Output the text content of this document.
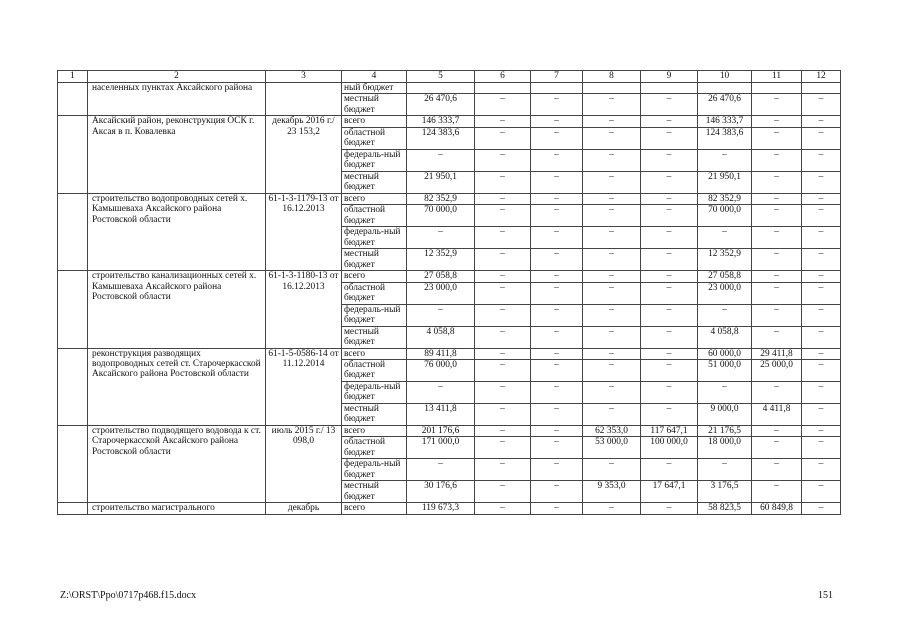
1	2	3	4	5	6	7	8	9	10	11	12
	населенных пунктах Аксайского района		ный бюджет								
			местный бюджет	26 470,6	–	–	–	–	26 470,6	–	–
	Аксайский район, реконструкция ОСК г. Аксая в п. Ковалевка	декабрь 2016 г./ 23 153,2	всего	146 333,7	–	–	–	–	146 333,7	–	–
			областной бюджет	124 383,6	–	–	–	–	124 383,6	–	–
			федераль-ный бюджет	–	–	–	–	–	–	–	–
			местный бюджет	21 950,1	–	–	–	–	21 950,1	–	–
	строительство водопроводных сетей х. Камышеваха Аксайского района Ростовской области	61-1-3-1179-13 от 16.12.2013	всего	82 352,9	–	–	–	–	82 352,9	–	–
			областной бюджет	70 000,0	–	–	–	–	70 000,0	–	–
			федераль-ный бюджет	–	–	–	–	–	–	–	–
			местный бюджет	12 352,9	–	–	–	–	12 352,9	–	–
	строительство канализационных сетей х. Камышеваха Аксайского района Ростовской области	61-1-3-1180-13 от 16.12.2013	всего	27 058,8	–	–	–	–	27 058,8	–	–
			областной бюджет	23 000,0	–	–	–	–	23 000,0	–	–
			федераль-ный бюджет	–	–	–	–	–	–	–	–
			местный бюджет	4 058,8	–	–	–	–	4 058,8	–	–
	реконструкция разводящих водопроводных сетей ст. Старочеркасской Аксайского района Ростовской области	61-1-5-0586-14 от 11.12.2014	всего	89 411,8	–	–	–	–	60 000,0	29 411,8	–
			областной бюджет	76 000,0	–	–	–	–	51 000,0	25 000,0	–
			федераль-ный бюджет	–	–	–	–	–	–	–	–
			местный бюджет	13 411,8	–	–	–	–	9 000,0	4 411,8	–
	строительство подводящего водовода к ст. Старочеркасской Аксайского района Ростовской области	июль 2015 г./ 13 098,0	всего	201 176,6	–	–	62 353,0	117 647,1	21 176,5	–	–
			областной бюджет	171 000,0	–	–	53 000,0	100 000,0	18 000,0	–	–
			федераль-ный бюджет	–	–	–	–	–	–	–	–
			местный бюджет	30 176,6	–	–	9 353,0	17 647,1	3 176,5	–	–
	строительство магистрального	декабрь	всего	119 673,3	–	–	–	–	58 823,5	60 849,8	–
Z:\ORST\Ppo\0717p468.f15.docx	151
